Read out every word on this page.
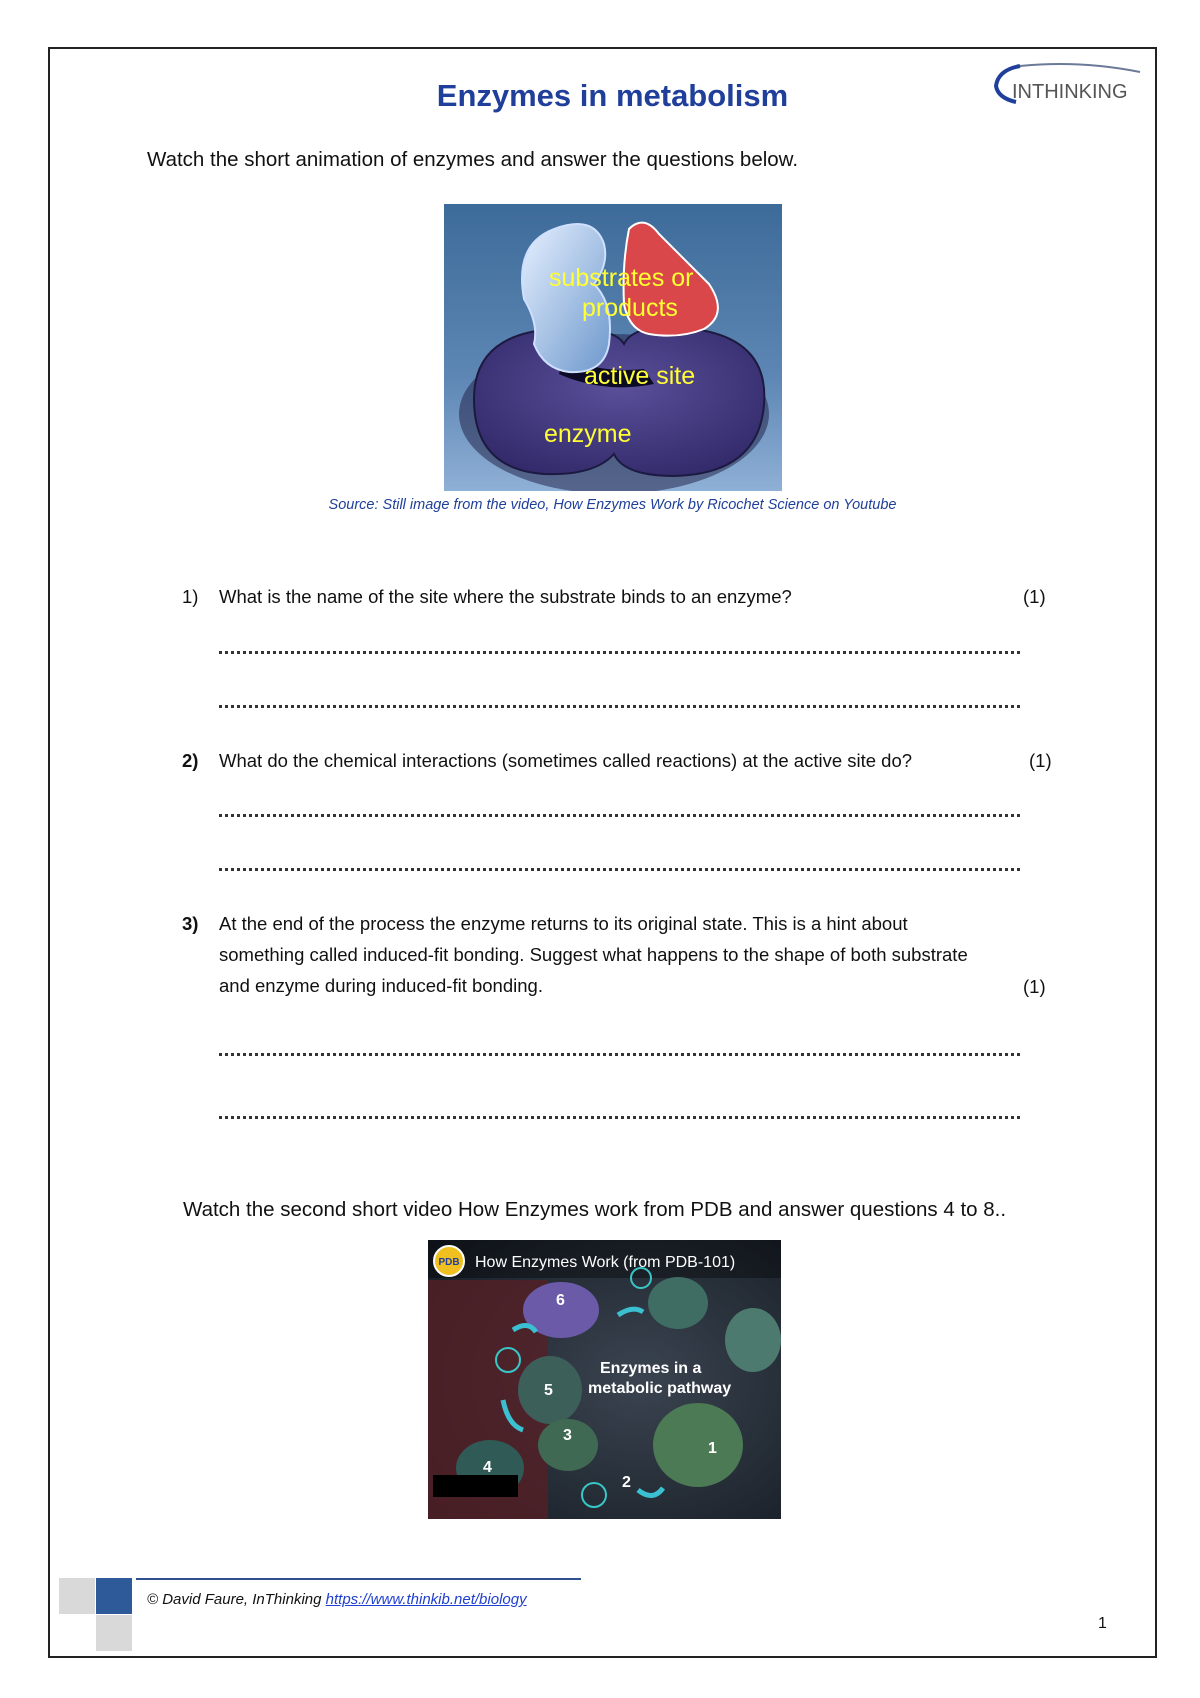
Enzymes in metabolism	INTHINKING
Watch the short animation of enzymes and answer the questions below.
substrates or
products
active site
enzyme
Source: Still image from the video, How Enzymes Work by Ricochet Science on Youtube
1) What is the name of the site where the substrate binds to an enzyme?	(1)
2) What do the chemical interactions (sometimes called reactions) at the active site do?	(1)
3) At the end of the process the enzyme returns to its original state. This is a hint about
something called induced-fit bonding. Suggest what happens to the shape of both substrate
and enzyme during induced-fit bonding.	(1)
Watch the second short video How Enzymes work from PDB and answer questions 4 to 8..
PDB How Enzymes Work (from PDB-101)
Enzymes in a
metabolic pathway
1
2
3
4
5
6
© David Faure, InThinking https://www.thinkib.net/biology
1
